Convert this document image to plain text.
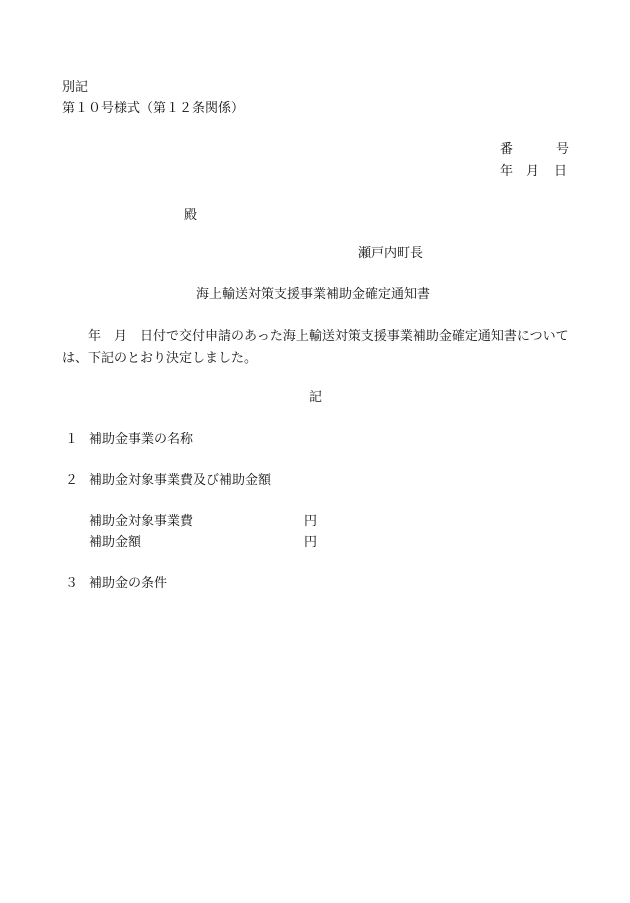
別記
第１０号様式（第１２条関係）
番	号
年 月 日
殿
瀬戸内町長
海上輸送対策支援事業補助金確定通知書
年　月　日付で交付申請のあった海上輸送対策支援事業補助金確定通知書については、下記のとおり決定しました。
記
１ 補助金事業の名称
２ 補助金対象事業費及び補助金額
補助金対象事業費	円
補助金額	円
３ 補助金の条件
